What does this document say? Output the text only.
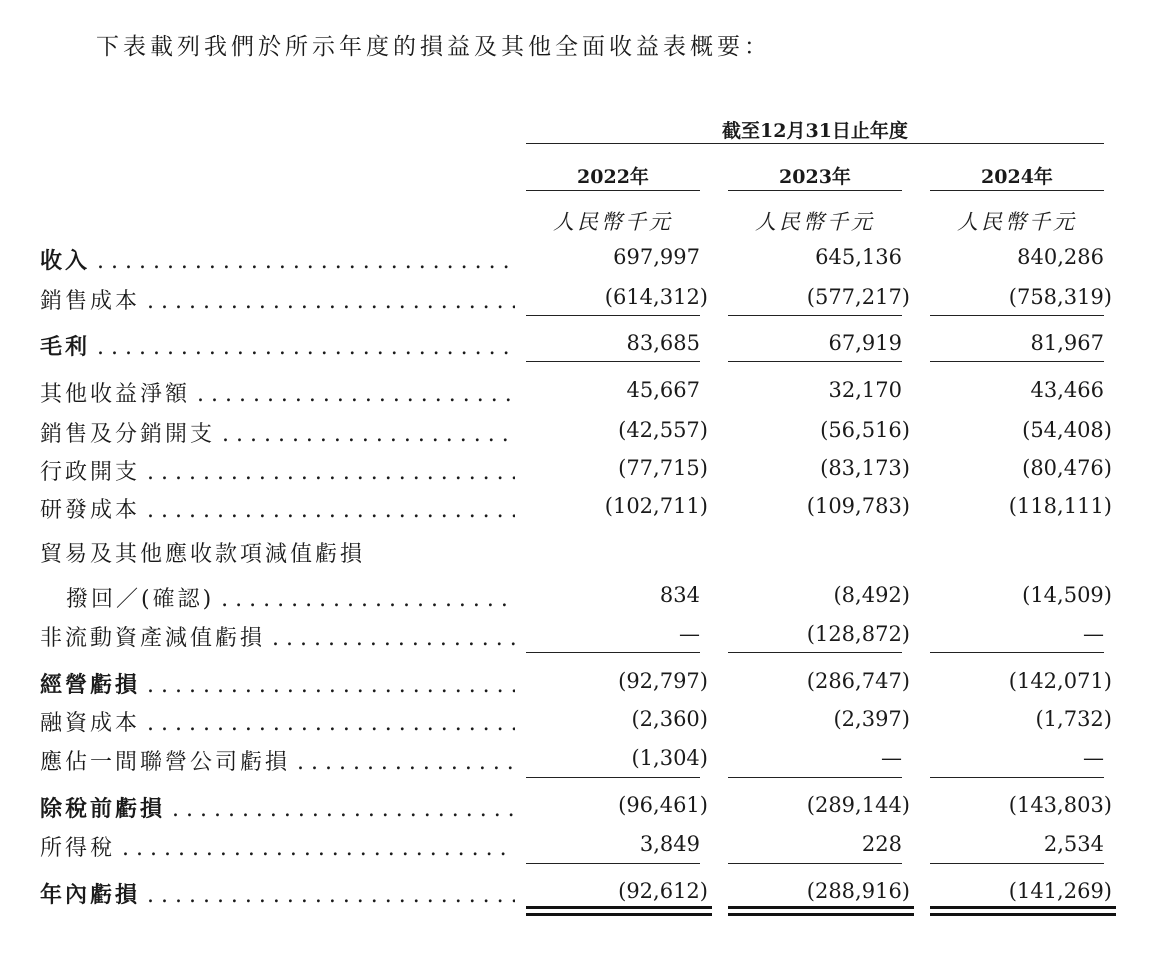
下表載列我們於所示年度的損益及其他全面收益表概要：
截至12月31日止年度
2022年	2023年	2024年
人民幣千元	人民幣千元	人民幣千元
收入 . . .	697,997	645,136	840,286
銷售成本 . . .	(614,312)	(577,217)	(758,319)
毛利 . . .	83,685	67,919	81,967
其他收益淨額 . . .	45,667	32,170	43,466
銷售及分銷開支 . . .	(42,557)	(56,516)	(54,408)
行政開支 . . .	(77,715)	(83,173)	(80,476)
研發成本 . . .	(102,711)	(109,783)	(118,111)
貿易及其他應收款項減值虧損
撥回／(確認) . . .	834	(8,492)	(14,509)
非流動資產減值虧損 . . .	—	(128,872)	—
經營虧損 . . .	(92,797)	(286,747)	(142,071)
融資成本 . . .	(2,360)	(2,397)	(1,732)
應佔一間聯營公司虧損 . . .	(1,304)	—	—
除稅前虧損 . . .	(96,461)	(289,144)	(143,803)
所得稅 . . .	3,849	228	2,534
年內虧損 . . .	(92,612)	(288,916)	(141,269)
